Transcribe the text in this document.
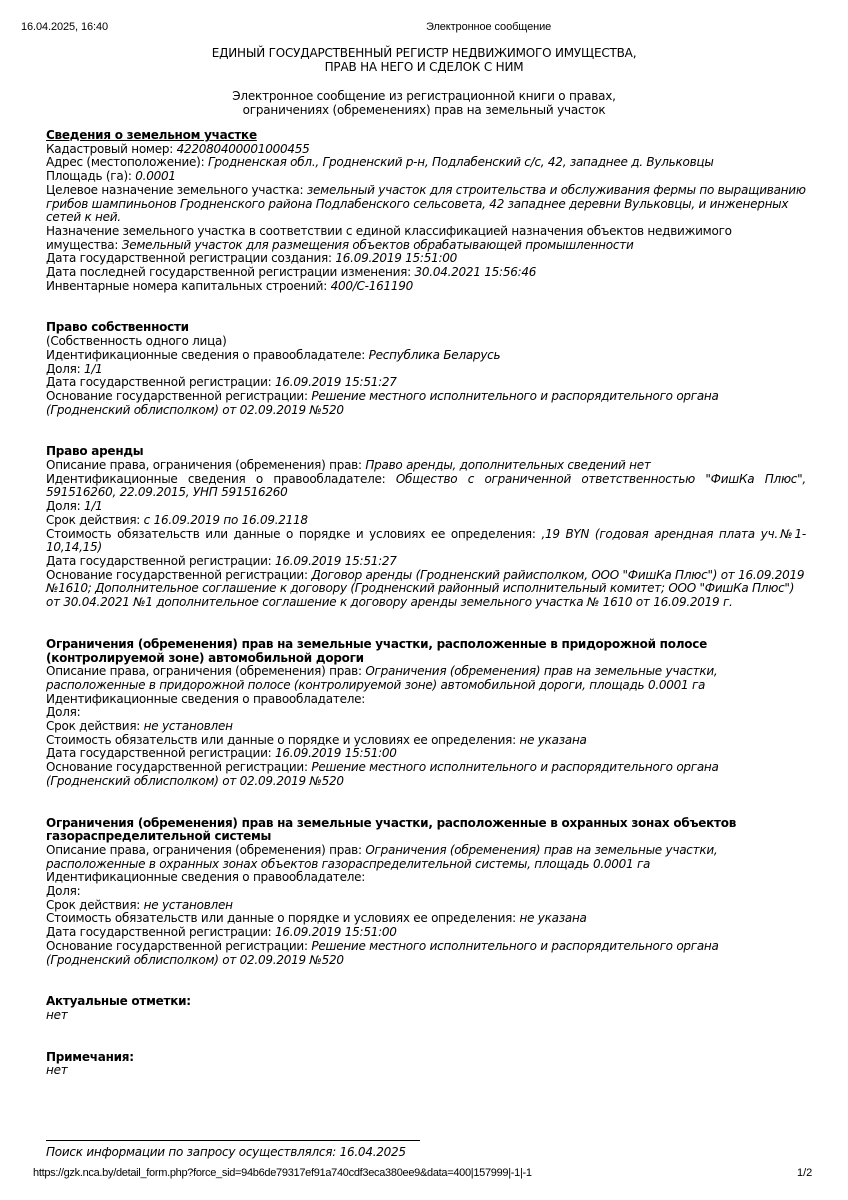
16.04.2025, 16:40	Электронное сообщение
ЕДИНЫЙ ГОСУДАРСТВЕННЫЙ РЕГИСТР НЕДВИЖИМОГО ИМУЩЕСТВА,
ПРАВ НА НЕГО И СДЕЛОК С НИМ
Электронное сообщение из регистрационной книги о правах,
ограничениях (обременениях) прав на земельный участок
Сведения о земельном участке
Кадастровый номер: 422080400001000455
Адрес (местоположение): Гродненская обл., Гродненский р-н, Подлабенский с/с, 42, западнее д. Вульковцы
Площадь (га): 0.0001
Целевое назначение земельного участка: земельный участок для строительства и обслуживания фермы по выращиванию грибов шампиньонов Гродненского района Подлабенского сельсовета, 42 западнее деревни Вульковцы, и инженерных сетей к ней.
Назначение земельного участка в соответствии с единой классификацией назначения объектов недвижимого имущества: Земельный участок для размещения объектов обрабатывающей промышленности
Дата государственной регистрации создания: 16.09.2019 15:51:00
Дата последней государственной регистрации изменения: 30.04.2021 15:56:46
Инвентарные номера капитальных строений: 400/С-161190
Право собственности
(Собственность одного лица)
Идентификационные сведения о правообладателе: Республика Беларусь
Доля: 1/1
Дата государственной регистрации: 16.09.2019 15:51:27
Основание государственной регистрации: Решение местного исполнительного и распорядительного органа (Гродненский облисполком) от 02.09.2019 №520
Право аренды
Описание права, ограничения (обременения) прав: Право аренды, дополнительных сведений нет
Идентификационные сведения о правообладателе: Общество с ограниченной ответственностью "ФишКа Плюс", 591516260, 22.09.2015, УНП 591516260
Доля: 1/1
Срок действия: с 16.09.2019 по 16.09.2118
Стоимость обязательств или данные о порядке и условиях ее определения: ,19 BYN (годовая арендная плата уч.№1-10,14,15)
Дата государственной регистрации: 16.09.2019 15:51:27
Основание государственной регистрации: Договор аренды (Гродненский райисполком, ООО "ФишКа Плюс") от 16.09.2019 №1610; Дополнительное соглашение к договору (Гродненский районный исполнительный комитет; ООО "ФишКа Плюс") от 30.04.2021 №1 дополнительное соглашение к договору аренды земельного участка № 1610 от 16.09.2019 г.
Ограничения (обременения) прав на земельные участки, расположенные в придорожной полосе (контролируемой зоне) автомобильной дороги
Описание права, ограничения (обременения) прав: Ограничения (обременения) прав на земельные участки, расположенные в придорожной полосе (контролируемой зоне) автомобильной дороги, площадь 0.0001 га
Идентификационные сведения о правообладателе:
Доля:
Срок действия: не установлен
Стоимость обязательств или данные о порядке и условиях ее определения: не указана
Дата государственной регистрации: 16.09.2019 15:51:00
Основание государственной регистрации: Решение местного исполнительного и распорядительного органа (Гродненский облисполком) от 02.09.2019 №520
Ограничения (обременения) прав на земельные участки, расположенные в охранных зонах объектов газораспределительной системы
Описание права, ограничения (обременения) прав: Ограничения (обременения) прав на земельные участки, расположенные в охранных зонах объектов газораспределительной системы, площадь 0.0001 га
Идентификационные сведения о правообладателе:
Доля:
Срок действия: не установлен
Стоимость обязательств или данные о порядке и условиях ее определения: не указана
Дата государственной регистрации: 16.09.2019 15:51:00
Основание государственной регистрации: Решение местного исполнительного и распорядительного органа (Гродненский облисполком) от 02.09.2019 №520
Актуальные отметки:
нет
Примечания:
нет
Поиск информации по запросу осуществлялся: 16.04.2025
https://gzk.nca.by/detail_form.php?force_sid=94b6de79317ef91a740cdf3eca380ee9&data=400|157999|-1|-1	1/2
